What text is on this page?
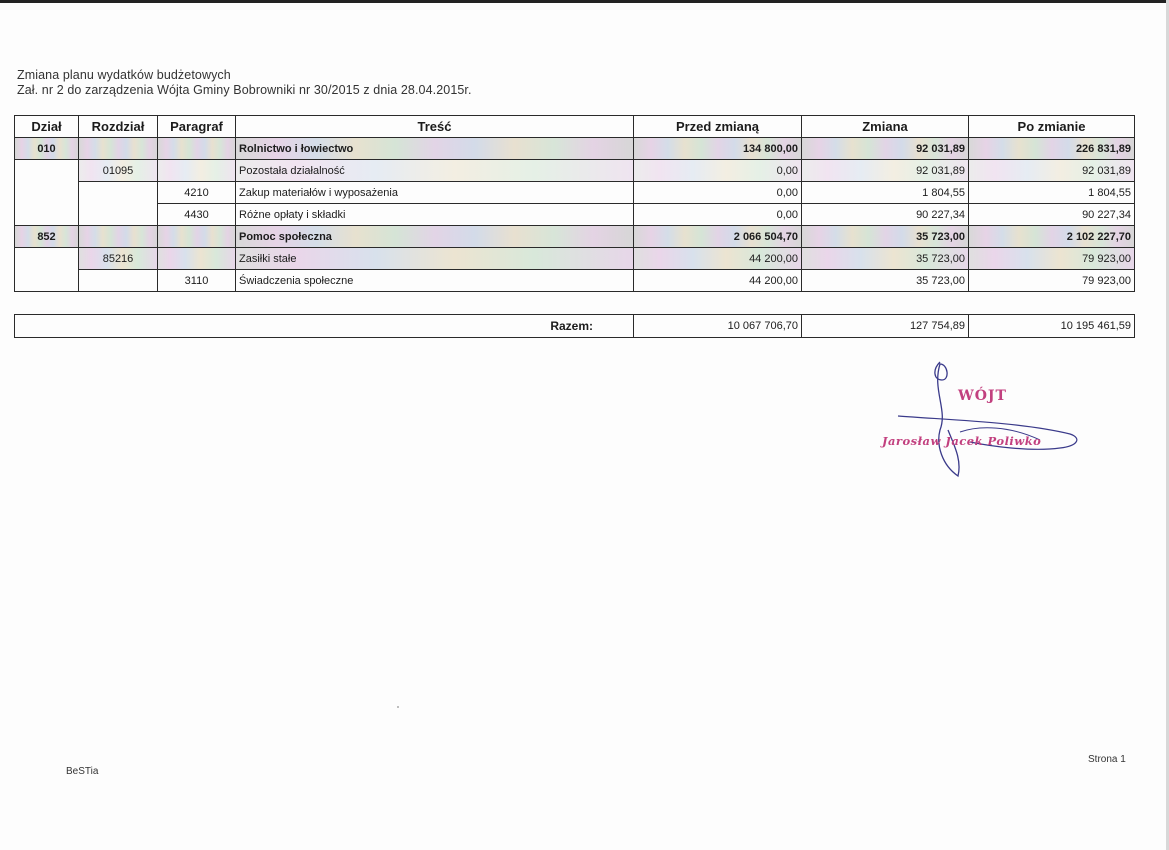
Zmiana planu wydatków budżetowych
Zał. nr 2 do zarządzenia Wójta Gminy Bobrowniki nr 30/2015 z dnia 28.04.2015r.
Dział	Rozdział	Paragraf	Treść	Przed zmianą	Zmiana	Po zmianie
010			Rolnictwo i łowiectwo	134 800,00	92 031,89	226 831,89
	01095		Pozostała działalność	0,00	92 031,89	92 031,89
		4210	Zakup materiałów i wyposażenia	0,00	1 804,55	1 804,55
		4430	Różne opłaty i składki	0,00	90 227,34	90 227,34
852			Pomoc społeczna	2 066 504,70	35 723,00	2 102 227,70
	85216		Zasiłki stałe	44 200,00	35 723,00	79 923,00
		3110	Świadczenia społeczne	44 200,00	35 723,00	79 923,00
Razem:	10 067 706,70	127 754,89	10 195 461,59
WÓJT
Jarosław Jacek Poliwko
BeSTia
Strona 1
